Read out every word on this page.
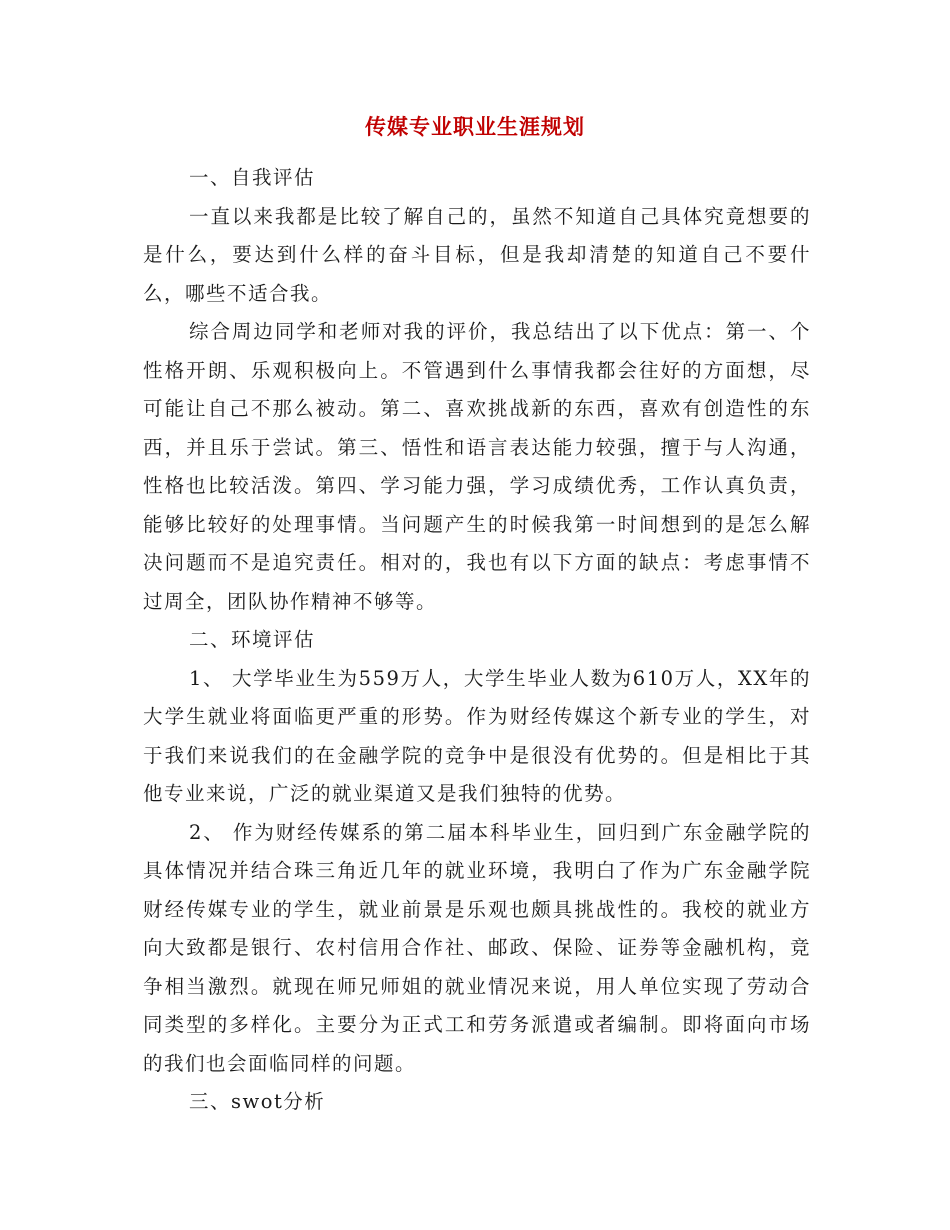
传媒专业职业生涯规划

一、自我评估

一直以来我都是比较了解自己的，虽然不知道自己具体究竟想要的是什么，要达到什么样的奋斗目标，但是我却清楚的知道自己不要什么，哪些不适合我。

综合周边同学和老师对我的评价，我总结出了以下优点：第一、个性格开朗、乐观积极向上。不管遇到什么事情我都会往好的方面想，尽可能让自己不那么被动。第二、喜欢挑战新的东西，喜欢有创造性的东西，并且乐于尝试。第三、悟性和语言表达能力较强，擅于与人沟通，性格也比较活泼。第四、学习能力强，学习成绩优秀，工作认真负责，能够比较好的处理事情。当问题产生的时候我第一时间想到的是怎么解决问题而不是追究责任。相对的，我也有以下方面的缺点：考虑事情不过周全，团队协作精神不够等。

二、环境评估

1、 大学毕业生为559万人，大学生毕业人数为610万人，XX年的大学生就业将面临更严重的形势。作为财经传媒这个新专业的学生，对于我们来说我们的在金融学院的竞争中是很没有优势的。但是相比于其他专业来说，广泛的就业渠道又是我们独特的优势。

2、 作为财经传媒系的第二届本科毕业生，回归到广东金融学院的具体情况并结合珠三角近几年的就业环境，我明白了作为广东金融学院财经传媒专业的学生，就业前景是乐观也颇具挑战性的。我校的就业方向大致都是银行、农村信用合作社、邮政、保险、证券等金融机构，竞争相当激烈。就现在师兄师姐的就业情况来说，用人单位实现了劳动合同类型的多样化。主要分为正式工和劳务派遣或者编制。即将面向市场的我们也会面临同样的问题。

三、swot分析
